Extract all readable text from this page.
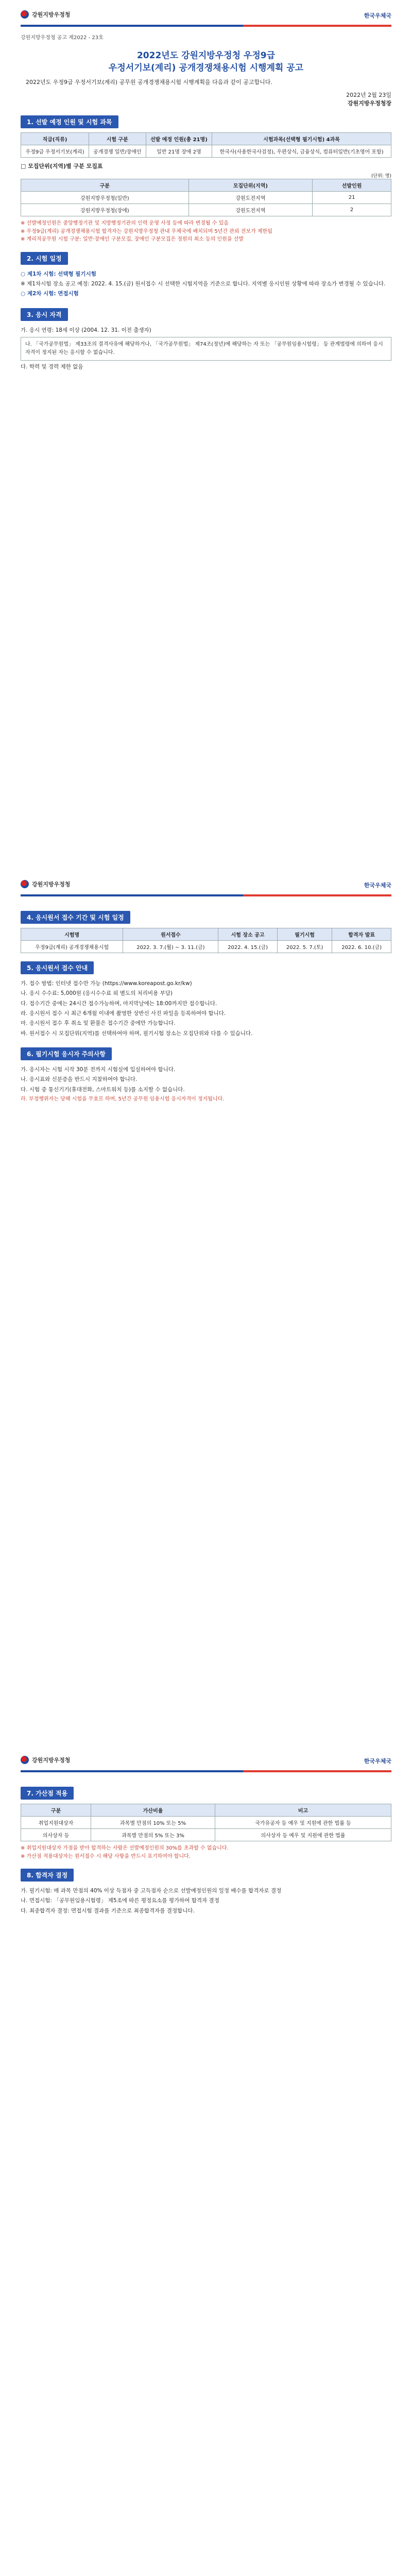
강원지방우정청	한국우체국
강원지방우정청 공고 제2022 - 23호
2022년도 강원지방우정청 우정9급
우정서기보(계리) 공개경쟁채용시험 시행계획 공고
2022년도 우정9급 우정서기보(계리) 공무원 공개경쟁채용시험 시행계획을 다음과 같이 공고합니다.
2022년 2월 23일
강원지방우정청장
1. 선발 예정 인원 및 시험 과목
직급(직류)	시험 구분	선발 예정 인원(총 21명)	시험과목(선택형 필기시험) 4과목
우정9급 우정서기보(계리)	공개경쟁 일반/장애인	일반 21명 장애 2명	한국사(사용한국사검정), 우편상식, 금융상식, 컴퓨터일반(기초영어 포함)
□ 모집단위(지역)별 구분 모집표
(단위: 명)
구분	모집단위(지역)	선발인원
강원지방우정청(일반)	강원도전지역	21
강원지방우정청(장애)	강원도전지역	2
※ 선발예정인원은 중앙행정기관 및 지방행정기관의 인력 운영 사정 등에 따라 변경될 수 있음
※ 우정9급(계리) 공개경쟁채용시험 합격자는 강원지방우정청 관내 우체국에 배치되며 5년간 관외 전보가 제한됨
※ 계리직공무원 시험 구분: 일반·장애인 구분모집, 장애인 구분모집은 정원의 최소 등의 인원을 선발
2. 시험 일정
○ 제1차 시험: 선택형 필기시험
※ 제1차시험 장소 공고 예정: 2022. 4. 15.(금) 원서접수 시 선택한 시험지역을 기준으로 합니다. 지역별 응시인원 상황에 따라 장소가 변경될 수 있습니다.
○ 제2차 시험: 면접시험
3. 응시 자격
가. 응시 연령: 18세 이상 (2004. 12. 31. 이전 출생자)
나. 「국가공무원법」 제33조의 결격사유에 해당하거나, 「국가공무원법」 제74조(정년)에 해당하는 자 또는 「공무원임용시험령」 등 관계법령에 의하여 응시자격이 정지된 자는 응시할 수 없습니다.
다. 학력 및 경력 제한 없음
강원지방우정청	한국우체국
4. 응시원서 접수 기간 및 시험 일정
시험명	원서접수	시험 장소 공고	필기시험	합격자 발표
우정9급(계리) 공개경쟁채용시험	2022. 3. 7.(월) ~ 3. 11.(금)	2022. 4. 15.(금)	2022. 5. 7.(토)	2022. 6. 10.(금)
5. 응시원서 접수 안내
가. 접수 방법: 인터넷 접수만 가능 (https://www.koreapost.go.kr/kw)
나. 응시 수수료: 5,000원 (응시수수료 외 별도의 처리비용 부담)
다. 접수기간 중에는 24시간 접수가능하며, 마지막날에는 18:00까지만 접수합니다.
라. 응시원서 접수 시 최근 6개월 이내에 촬영한 상반신 사진 파일을 등록하여야 합니다.
마. 응시원서 접수 후 취소 및 환불은 접수기간 중에만 가능합니다.
바. 원서접수 시 모집단위(지역)를 선택하여야 하며, 필기시험 장소는 모집단위와 다를 수 있습니다.
6. 필기시험 응시자 주의사항
가. 응시자는 시험 시작 30분 전까지 시험실에 입실하여야 합니다.
나. 응시표와 신분증을 반드시 지참하여야 합니다.
다. 시험 중 통신기기(휴대전화, 스마트워치 등)를 소지할 수 없습니다.
라. 부정행위자는 당해 시험을 무효로 하며, 5년간 공무원 임용시험 응시자격이 정지됩니다.
강원지방우정청	한국우체국
7. 가산점 적용
구분	가산비율	비고
취업지원대상자	과목별 만점의 10% 또는 5%	국가유공자 등 예우 및 지원에 관한 법률 등
의사상자 등	과목별 만점의 5% 또는 3%	의사상자 등 예우 및 지원에 관한 법률
※ 취업지원대상자 가점을 받아 합격하는 사람은 선발예정인원의 30%를 초과할 수 없습니다.
※ 가산점 적용대상자는 원서접수 시 해당 사항을 반드시 표기하여야 합니다.
8. 합격자 결정
가. 필기시험: 매 과목 만점의 40% 이상 득점자 중 고득점자 순으로 선발예정인원의 일정 배수를 합격자로 결정
나. 면접시험: 「공무원임용시험령」 제5조에 따른 평정요소를 평가하여 합격자 결정
다. 최종합격자 결정: 면접시험 결과를 기준으로 최종합격자를 결정합니다.
